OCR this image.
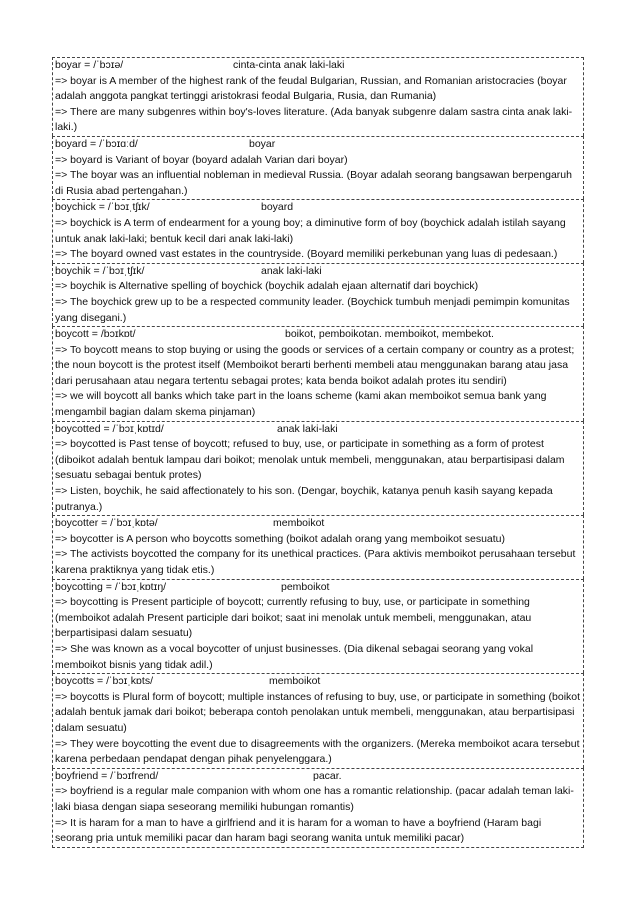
boyar = /ˈbɔɪə/	cinta-cinta anak laki-laki
=> boyar is A member of the highest rank of the feudal Bulgarian, Russian, and Romanian aristocracies (boyar adalah anggota pangkat tertinggi aristokrasi feodal Bulgaria, Rusia, dan Rumania)
=> There are many subgenres within boy's-loves literature. (Ada banyak subgenre dalam sastra cinta anak laki-laki.)
boyard = /ˈbɔɪɑːd/	boyar
=> boyard is Variant of boyar (boyard adalah Varian dari boyar)
=> The boyar was an influential nobleman in medieval Russia. (Boyar adalah seorang bangsawan berpengaruh di Rusia abad pertengahan.)
boychick = /ˈbɔɪˌtʃɪk/	boyard
=> boychick is A term of endearment for a young boy; a diminutive form of boy (boychick adalah istilah sayang untuk anak laki-laki; bentuk kecil dari anak laki-laki)
=> The boyard owned vast estates in the countryside. (Boyard memiliki perkebunan yang luas di pedesaan.)
boychik = /ˈbɔɪˌtʃɪk/	anak laki-laki
=> boychik is Alternative spelling of boychick (boychik adalah ejaan alternatif dari boychick)
=> The boychick grew up to be a respected community leader. (Boychick tumbuh menjadi pemimpin komunitas yang disegani.)
boycott = /bɔɪkɒt/	boikot, pemboikotan. memboikot, membekot.
=> To boycott means to stop buying or using the goods or services of a certain company or country as a protest; the noun boycott is the protest itself (Memboikot berarti berhenti membeli atau menggunakan barang atau jasa dari perusahaan atau negara tertentu sebagai protes; kata benda boikot adalah protes itu sendiri)
=> we will boycott all banks which take part in the loans scheme (kami akan memboikot semua bank yang mengambil bagian dalam skema pinjaman)
boycotted = /ˈbɔɪˌkɒtɪd/	anak laki-laki
=> boycotted is Past tense of boycott; refused to buy, use, or participate in something as a form of protest (diboikot adalah bentuk lampau dari boikot; menolak untuk membeli, menggunakan, atau berpartisipasi dalam sesuatu sebagai bentuk protes)
=> Listen, boychik, he said affectionately to his son. (Dengar, boychik, katanya penuh kasih sayang kepada putranya.)
boycotter = /ˈbɔɪˌkɒtə/	memboikot
=> boycotter is A person who boycotts something (boikot adalah orang yang memboikot sesuatu)
=> The activists boycotted the company for its unethical practices. (Para aktivis memboikot perusahaan tersebut karena praktiknya yang tidak etis.)
boycotting = /ˈbɔɪˌkɒtɪŋ/	pemboikot
=> boycotting is Present participle of boycott; currently refusing to buy, use, or participate in something (memboikot adalah Present participle dari boikot; saat ini menolak untuk membeli, menggunakan, atau berpartisipasi dalam sesuatu)
=> She was known as a vocal boycotter of unjust businesses. (Dia dikenal sebagai seorang yang vokal memboikot bisnis yang tidak adil.)
boycotts = /ˈbɔɪˌkɒts/	memboikot
=> boycotts is Plural form of boycott; multiple instances of refusing to buy, use, or participate in something (boikot adalah bentuk jamak dari boikot; beberapa contoh penolakan untuk membeli, menggunakan, atau berpartisipasi dalam sesuatu)
=> They were boycotting the event due to disagreements with the organizers. (Mereka memboikot acara tersebut karena perbedaan pendapat dengan pihak penyelenggara.)
boyfriend = /ˈbɔɪfrend/	pacar.
=> boyfriend is a regular male companion with whom one has a romantic relationship. (pacar adalah teman laki-laki biasa dengan siapa seseorang memiliki hubungan romantis)
=> It is haram for a man to have a girlfriend and it is haram for a woman to have a boyfriend (Haram bagi seorang pria untuk memiliki pacar dan haram bagi seorang wanita untuk memiliki pacar)
